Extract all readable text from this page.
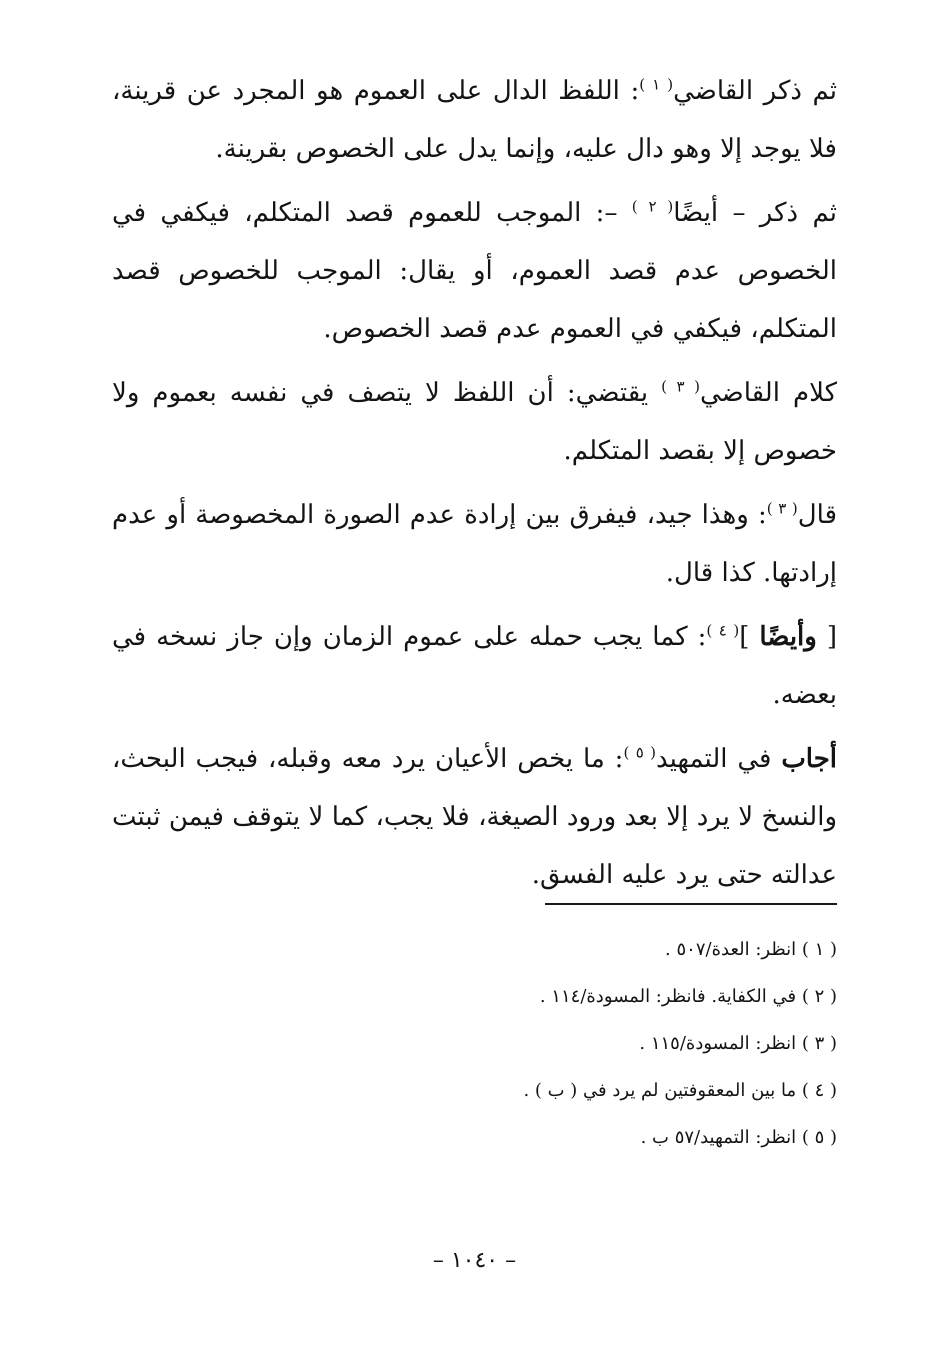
ثم ذكر القاضي$^{( ١ )}$: اللفظ الدال على العموم هو المجرد عن قرينة، فلا يوجد إلا وهو دال عليه، وإنما يدل على الخصوص بقرينة.

ثم ذكر – أيضًا$^{( ٢ )}$ –: الموجب للعموم قصد المتكلم، فيكفي في الخصوص عدم قصد العموم، أو يقال: الموجب للخصوص قصد المتكلم، فيكفي في العموم عدم قصد الخصوص.

كلام القاضي$^{( ٣ )}$ يقتضي: أن اللفظ لا يتصف في نفسه بعموم ولا خصوص إلا بقصد المتكلم.

قال$^{( ٣ )}$: وهذا جيد، فيفرق بين إرادة عدم الصورة المخصوصة أو عدم إرادتها. كذا قال.

[ وأيضًا ]$^{( ٤ )}$: كما يجب حمله على عموم الزمان وإن جاز نسخه في بعضه.

أجاب في التمهيد$^{( ٥ )}$: ما يخص الأعيان يرد معه وقبله، فيجب البحث، والنسخ لا يرد إلا بعد ورود الصيغة، فلا يجب، كما لا يتوقف فيمن ثبتت عدالته حتى يرد عليه الفسق.

( ١ ) انظر: العدة/٥٠٧ .

( ٢ ) في الكفاية. فانظر: المسودة/١١٤ .

( ٣ ) انظر: المسودة/١١٥ .

( ٤ ) ما بين المعقوفتين لم يرد في ( ب ) .

( ٥ ) انظر: التمهيد/٥٧ ب .

– ١٠٤٠ –
